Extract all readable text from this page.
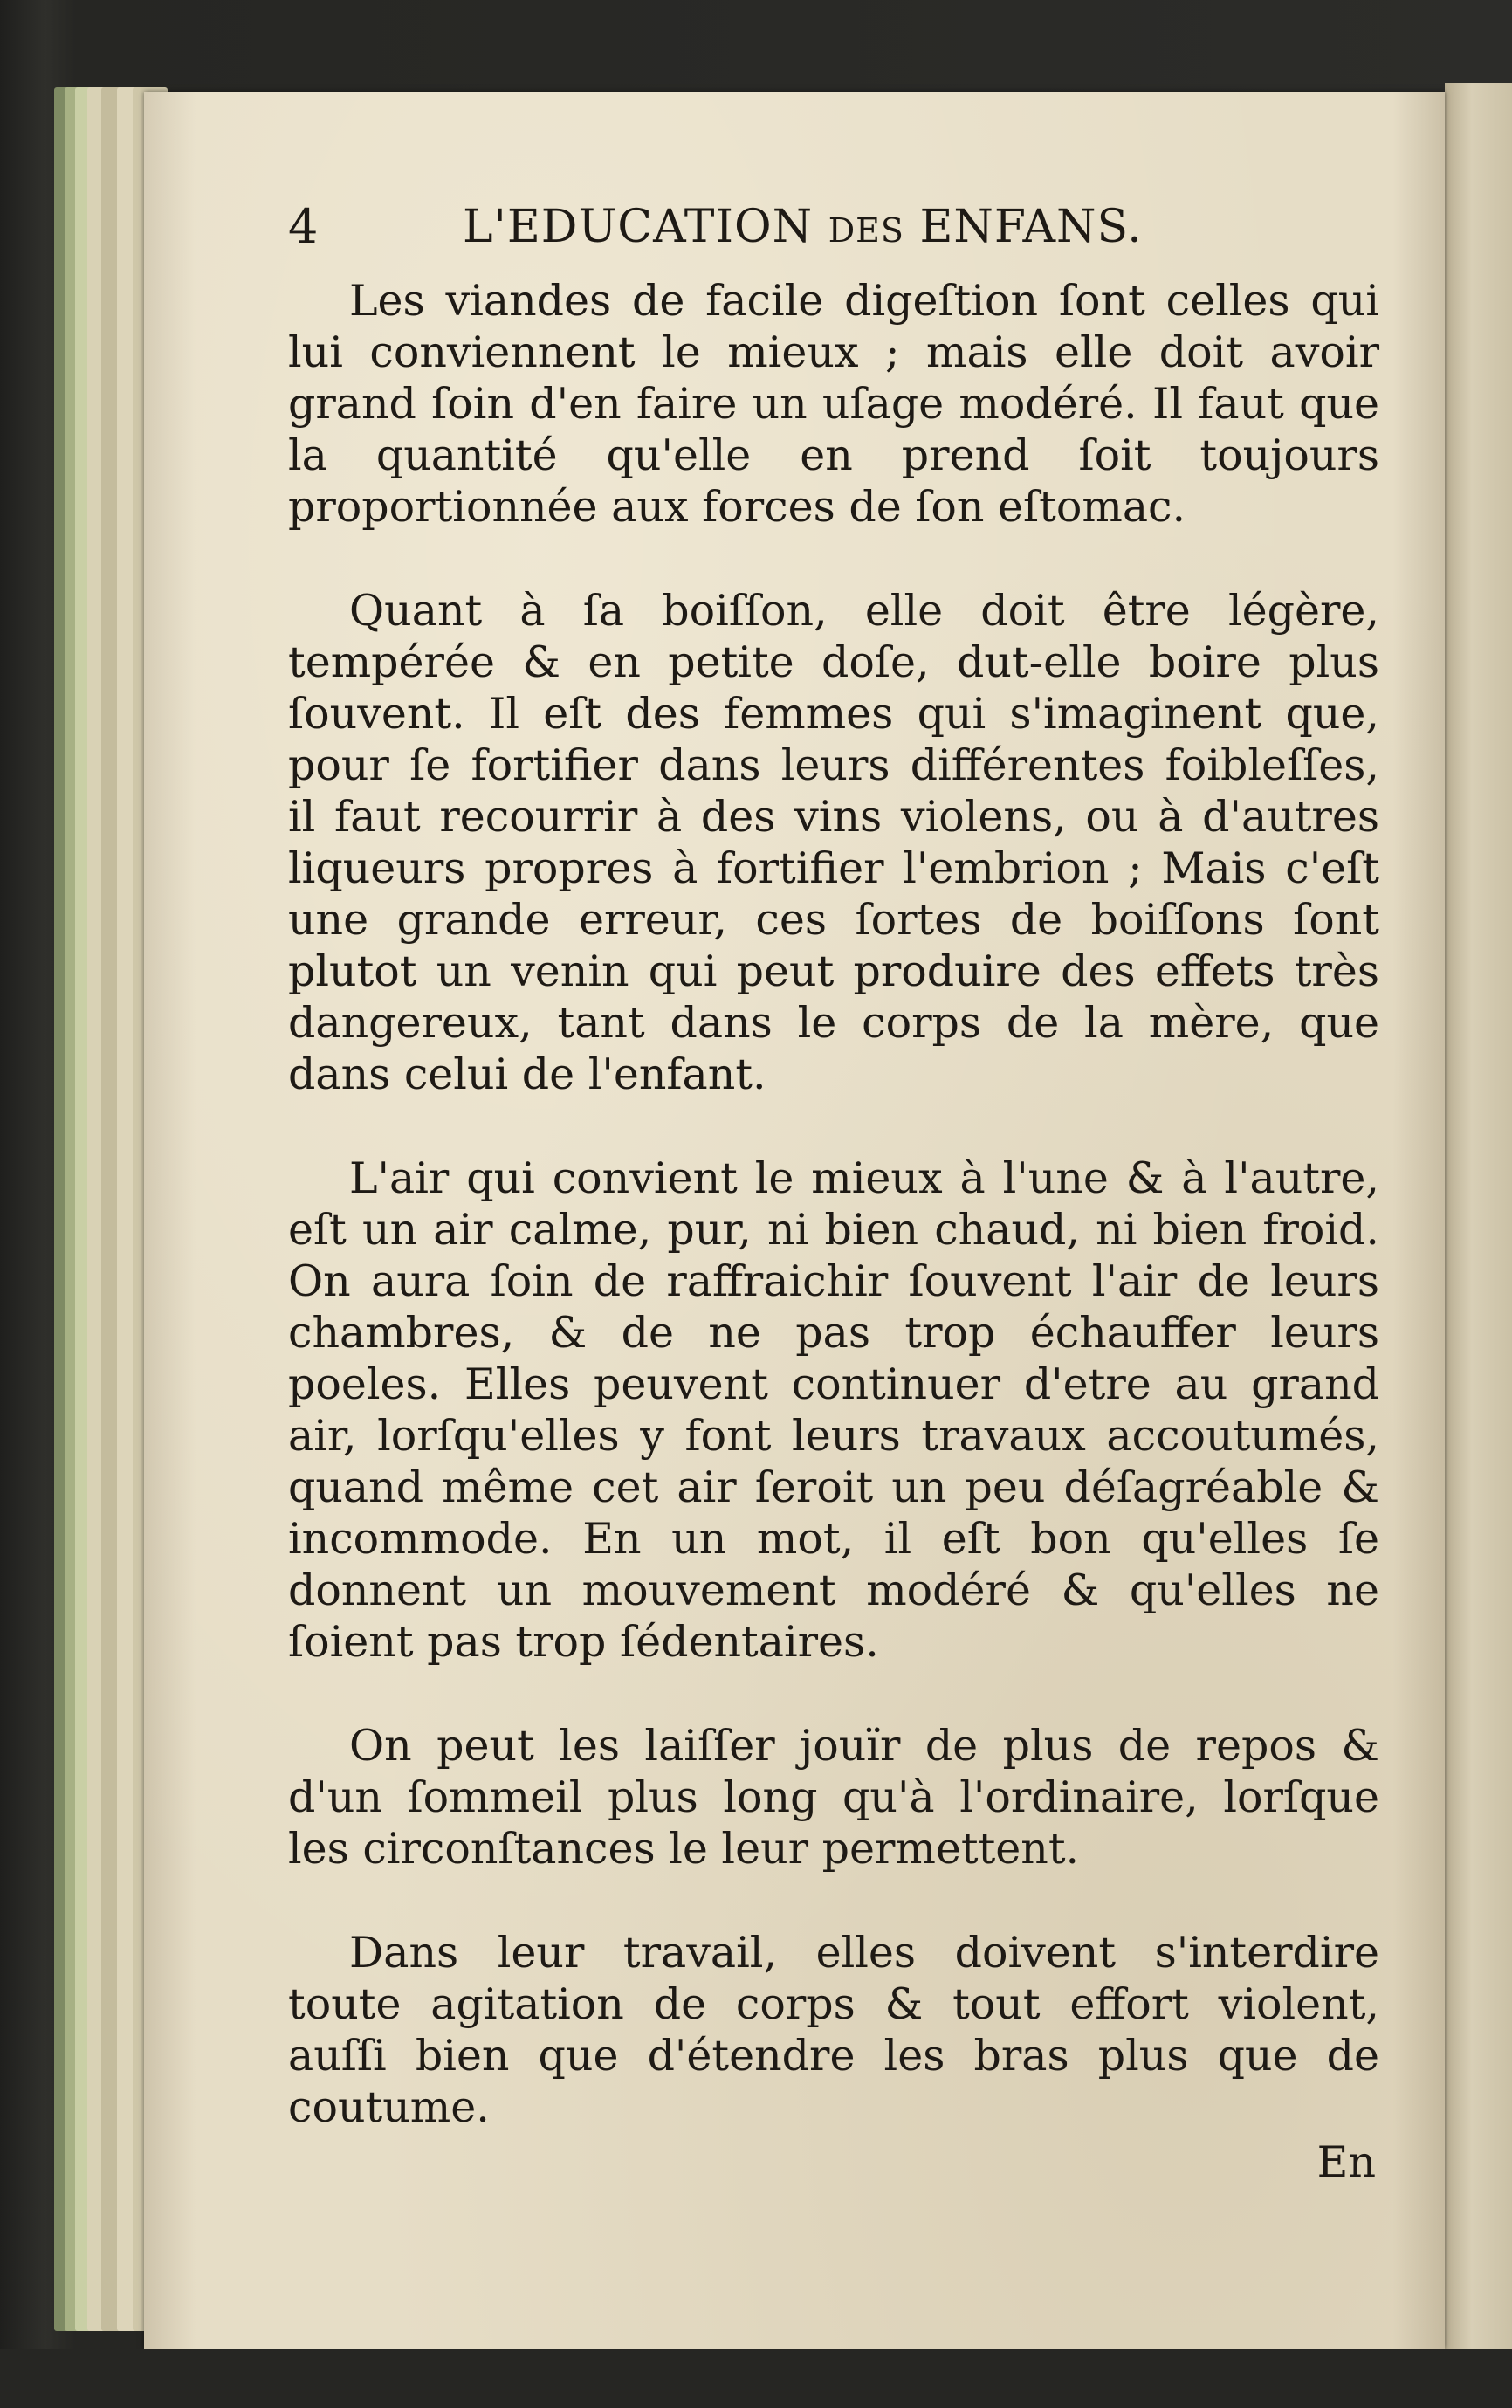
4	L'EDUCATION DES ENFANS.

Les viandes de facile digeſtion ſont celles qui lui conviennent le mieux ; mais elle doit avoir grand ſoin d'en faire un uſage modéré. Il faut que la quantité qu'elle en prend ſoit toujours proportionnée aux forces de ſon eſtomac.

Quant à ſa boiſſon, elle doit être légère, tempérée & en petite doſe, dut-elle boire plus ſouvent. Il eſt des femmes qui s'imaginent que, pour ſe fortifier dans leurs différentes foibleſſes, il faut recourrir à des vins violens, ou à d'autres liqueurs propres à fortifier l'embrion ; Mais c'eſt une grande erreur, ces ſortes de boiſſons ſont plutot un venin qui peut produire des effets très dangereux, tant dans le corps de la mère, que dans celui de l'enfant.

L'air qui convient le mieux à l'une & à l'autre, eſt un air calme, pur, ni bien chaud, ni bien froid. On aura ſoin de raffraichir ſouvent l'air de leurs chambres, & de ne pas trop échauffer leurs poeles. Elles peuvent continuer d'etre au grand air, lorſqu'elles y font leurs travaux accoutumés, quand même cet air ſeroit un peu déſagréable & incommode. En un mot, il eſt bon qu'elles ſe donnent un mouvement modéré & qu'elles ne ſoient pas trop ſédentaires.

On peut les laiſſer jouïr de plus de repos & d'un ſommeil plus long qu'à l'ordinaire, lorſque les circonſtances le leur permettent.

Dans leur travail, elles doivent s'interdire toute agitation de corps & tout effort violent, auſſi bien que d'étendre les bras plus que de coutume.

En
